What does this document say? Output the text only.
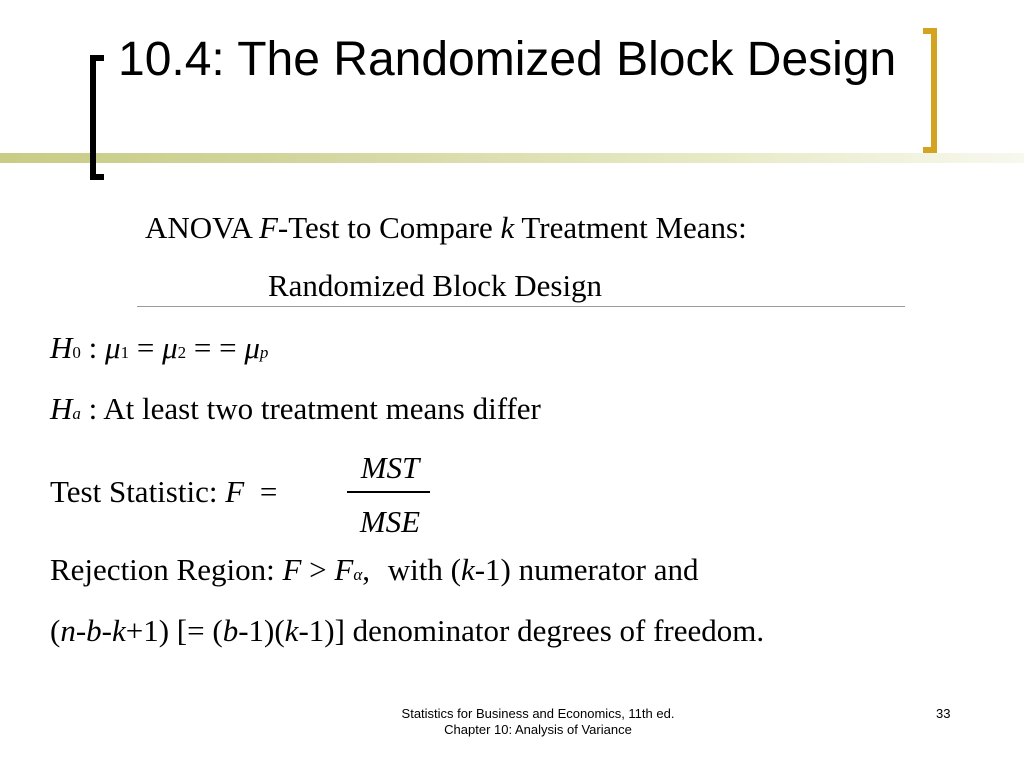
10.4: The Randomized Block Design
ANOVA F-Test to Compare k Treatment Means:
Randomized Block Design
H0 : μ1 = μ2 = = μp
Ha : At least two treatment means differ
Test Statistic: F =
MST
MSE
Rejection Region: F > Fα, with (k-1) numerator and
(n-b-k+1) [= (b-1)(k-1)] denominator degrees of freedom.
Statistics for Business and Economics, 11th ed.
Chapter 10: Analysis of Variance
33
